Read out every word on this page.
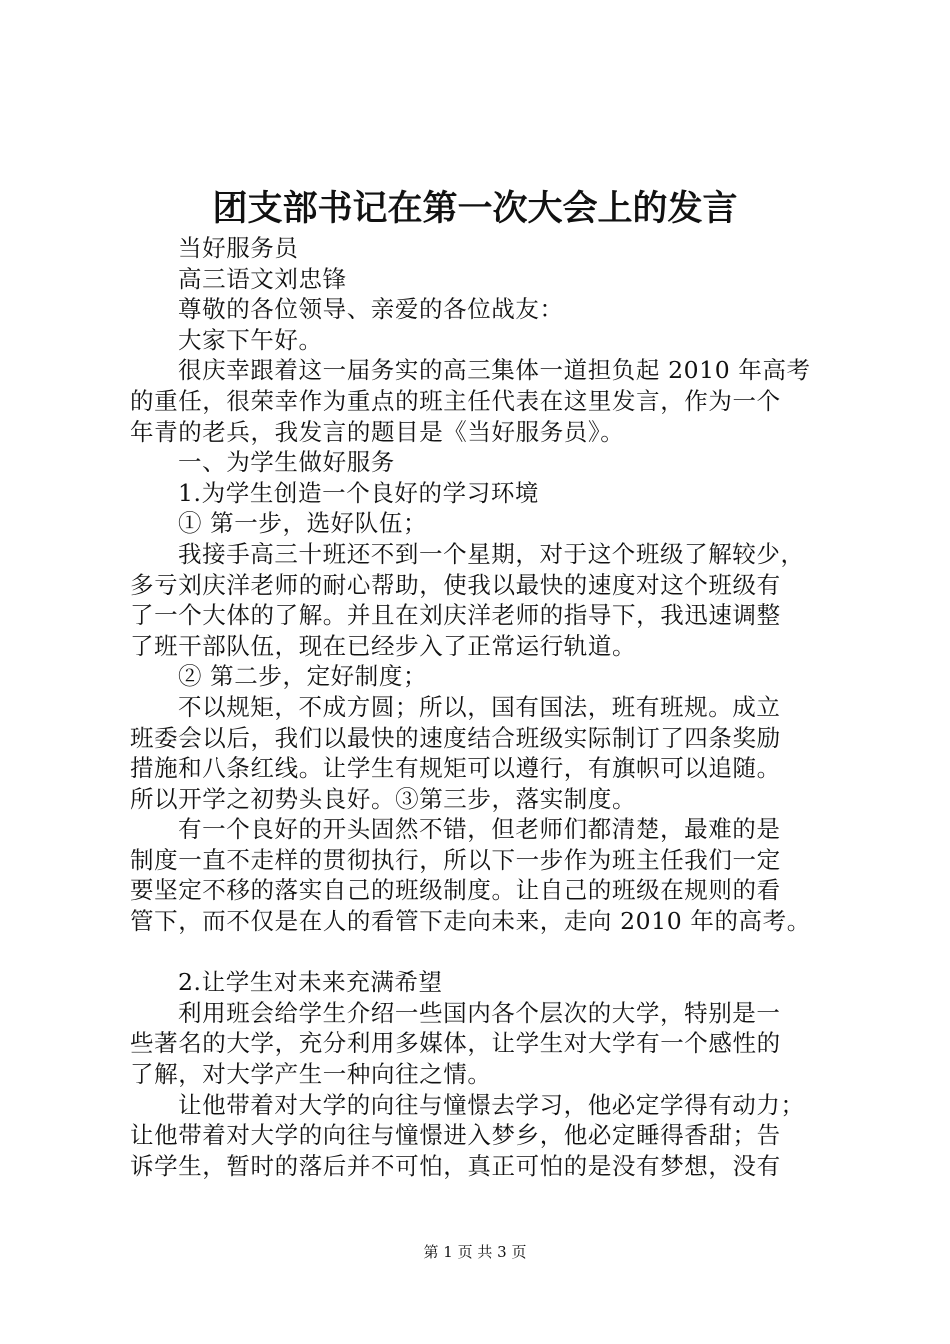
团支部书记在第一次大会上的发言
当好服务员
高三语文刘忠锋
尊敬的各位领导、亲爱的各位战友：
大家下午好。
很庆幸跟着这一届务实的高三集体一道担负起 2010 年高考
的重任，很荣幸作为重点的班主任代表在这里发言，作为一个
年青的老兵，我发言的题目是《当好服务员》。
一、为学生做好服务
1.为学生创造一个良好的学习环境
① 第一步，选好队伍；
我接手高三十班还不到一个星期，对于这个班级了解较少，
多亏刘庆洋老师的耐心帮助，使我以最快的速度对这个班级有
了一个大体的了解。并且在刘庆洋老师的指导下，我迅速调整
了班干部队伍，现在已经步入了正常运行轨道。
② 第二步，定好制度；
不以规矩，不成方圆；所以，国有国法，班有班规。成立
班委会以后，我们以最快的速度结合班级实际制订了四条奖励
措施和八条红线。让学生有规矩可以遵行，有旗帜可以追随。
所以开学之初势头良好。③第三步，落实制度。
有一个良好的开头固然不错，但老师们都清楚，最难的是
制度一直不走样的贯彻执行，所以下一步作为班主任我们一定
要坚定不移的落实自己的班级制度。让自己的班级在规则的看
管下，而不仅是在人的看管下走向未来，走向 2010 年的高考。
2.让学生对未来充满希望
利用班会给学生介绍一些国内各个层次的大学，特别是一
些著名的大学，充分利用多媒体，让学生对大学有一个感性的
了解，对大学产生一种向往之情。
让他带着对大学的向往与憧憬去学习，他必定学得有动力；
让他带着对大学的向往与憧憬进入梦乡，他必定睡得香甜；告
诉学生，暂时的落后并不可怕，真正可怕的是没有梦想，没有
第 1 页 共 3 页
